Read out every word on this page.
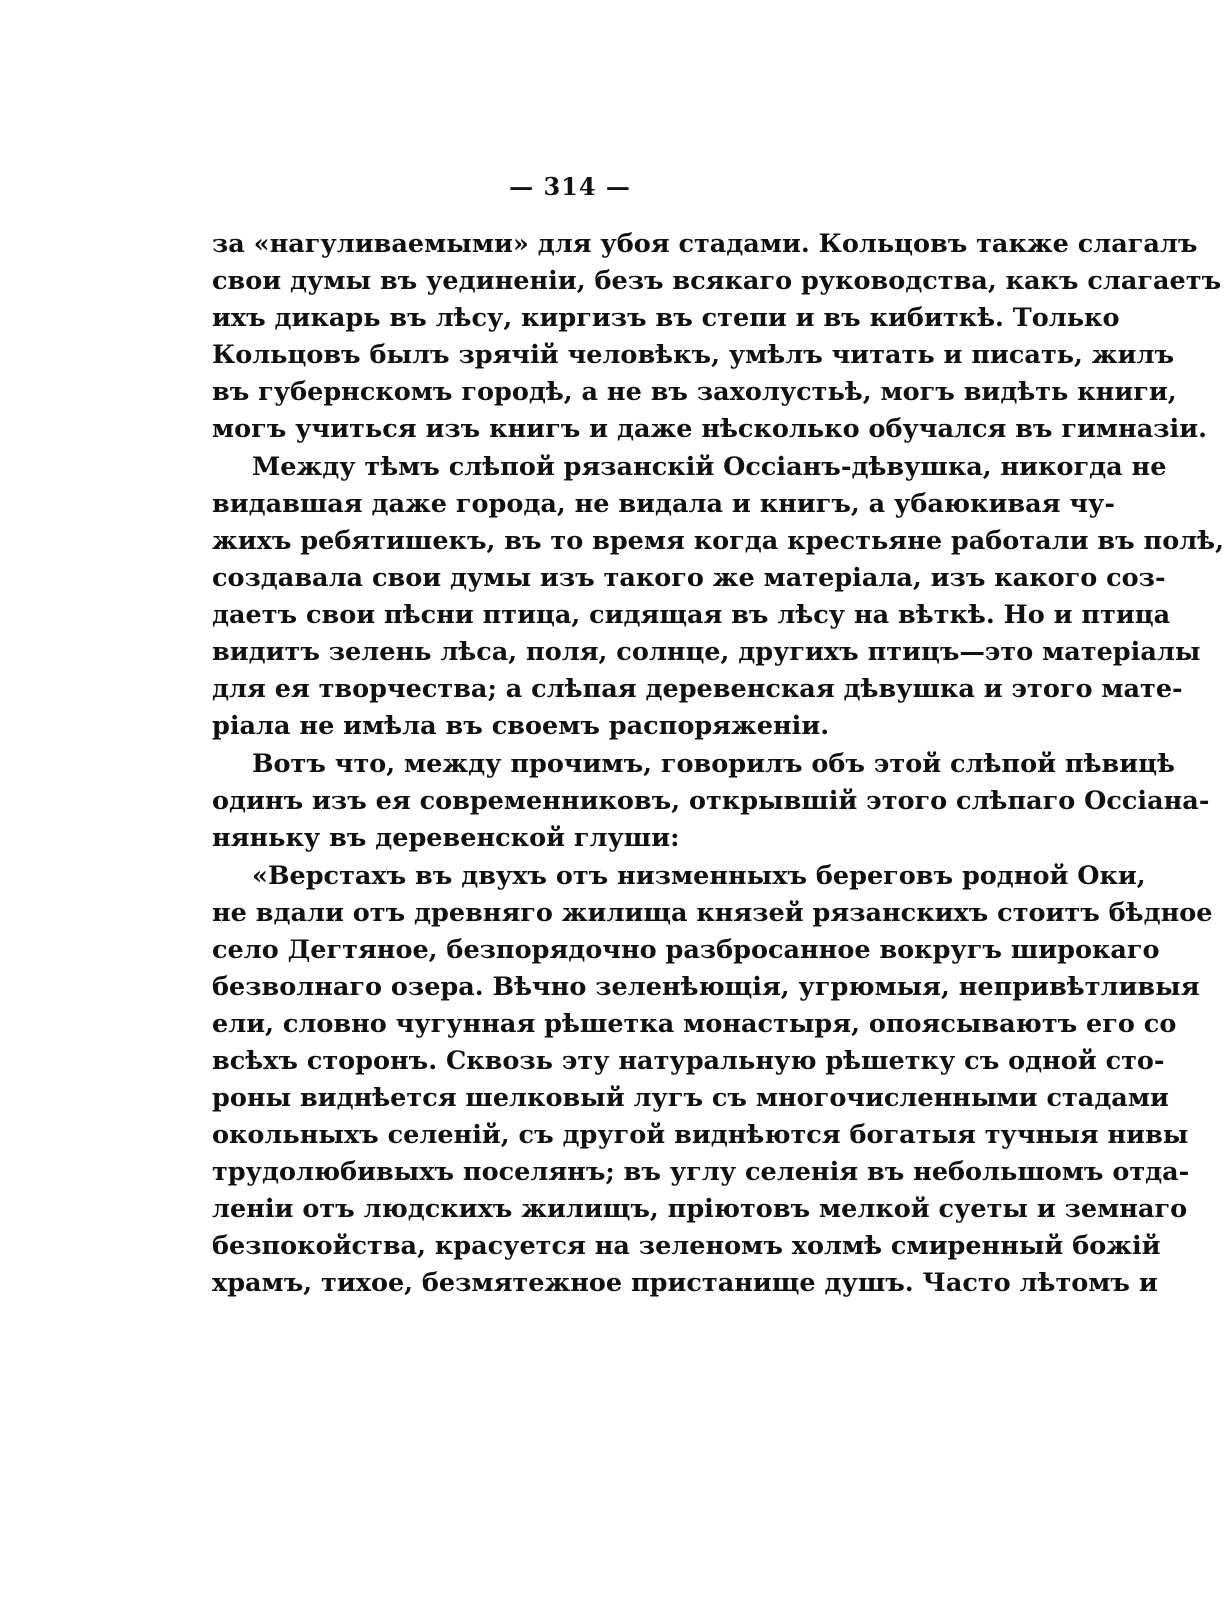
— 314 —
за «нагуливаемыми» для убоя стадами. Кольцовъ также слагалъ
свои думы въ уединеніи, безъ всякаго руководства, какъ слагаетъ
ихъ дикарь въ лѣсу, киргизъ въ степи и въ кибиткѣ. Только
Кольцовъ былъ зрячій человѣкъ, умѣлъ читать и писать, жилъ
въ губернскомъ городѣ, а не въ захолустьѣ, могъ видѣть книги,
могъ учиться изъ книгъ и даже нѣсколько обучался въ гимназіи.
Между тѣмъ слѣпой рязанскій Оссіанъ-дѣвушка, никогда не
видавшая даже города, не видала и книгъ, а убаюкивая чу-
жихъ ребятишекъ, въ то время когда крестьяне работали въ полѣ,
создавала свои думы изъ такого же матеріала, изъ какого соз-
даетъ свои пѣсни птица, сидящая въ лѣсу на вѣткѣ. Но и птица
видитъ зелень лѣса, поля, солнце, другихъ птицъ—это матеріалы
для ея творчества; а слѣпая деревенская дѣвушка и этого мате-
ріала не имѣла въ своемъ распоряженіи.
Вотъ что, между прочимъ, говорилъ объ этой слѣпой пѣвицѣ
одинъ изъ ея современниковъ, открывшій этого слѣпаго Оссіана-
няньку въ деревенской глуши:
«Верстахъ въ двухъ отъ низменныхъ береговъ родной Оки,
не вдали отъ древняго жилища князей рязанскихъ стоитъ бѣдное
село Дегтяное, безпорядочно разбросанное вокругъ широкаго
безволнаго озера. Вѣчно зеленѣющія, угрюмыя, непривѣтливыя
ели, словно чугунная рѣшетка монастыря, опоясываютъ его со
всѣхъ сторонъ. Сквозь эту натуральную рѣшетку съ одной сто-
роны виднѣется шелковый лугъ съ многочисленными стадами
окольныхъ селеній, съ другой виднѣются богатыя тучныя нивы
трудолюбивыхъ поселянъ; въ углу селенія въ небольшомъ отда-
леніи отъ людскихъ жилищъ, пріютовъ мелкой суеты и земнаго
безпокойства, красуется на зеленомъ холмѣ смиренный божій
храмъ, тихое, безмятежное пристанище душъ. Часто лѣтомъ и
